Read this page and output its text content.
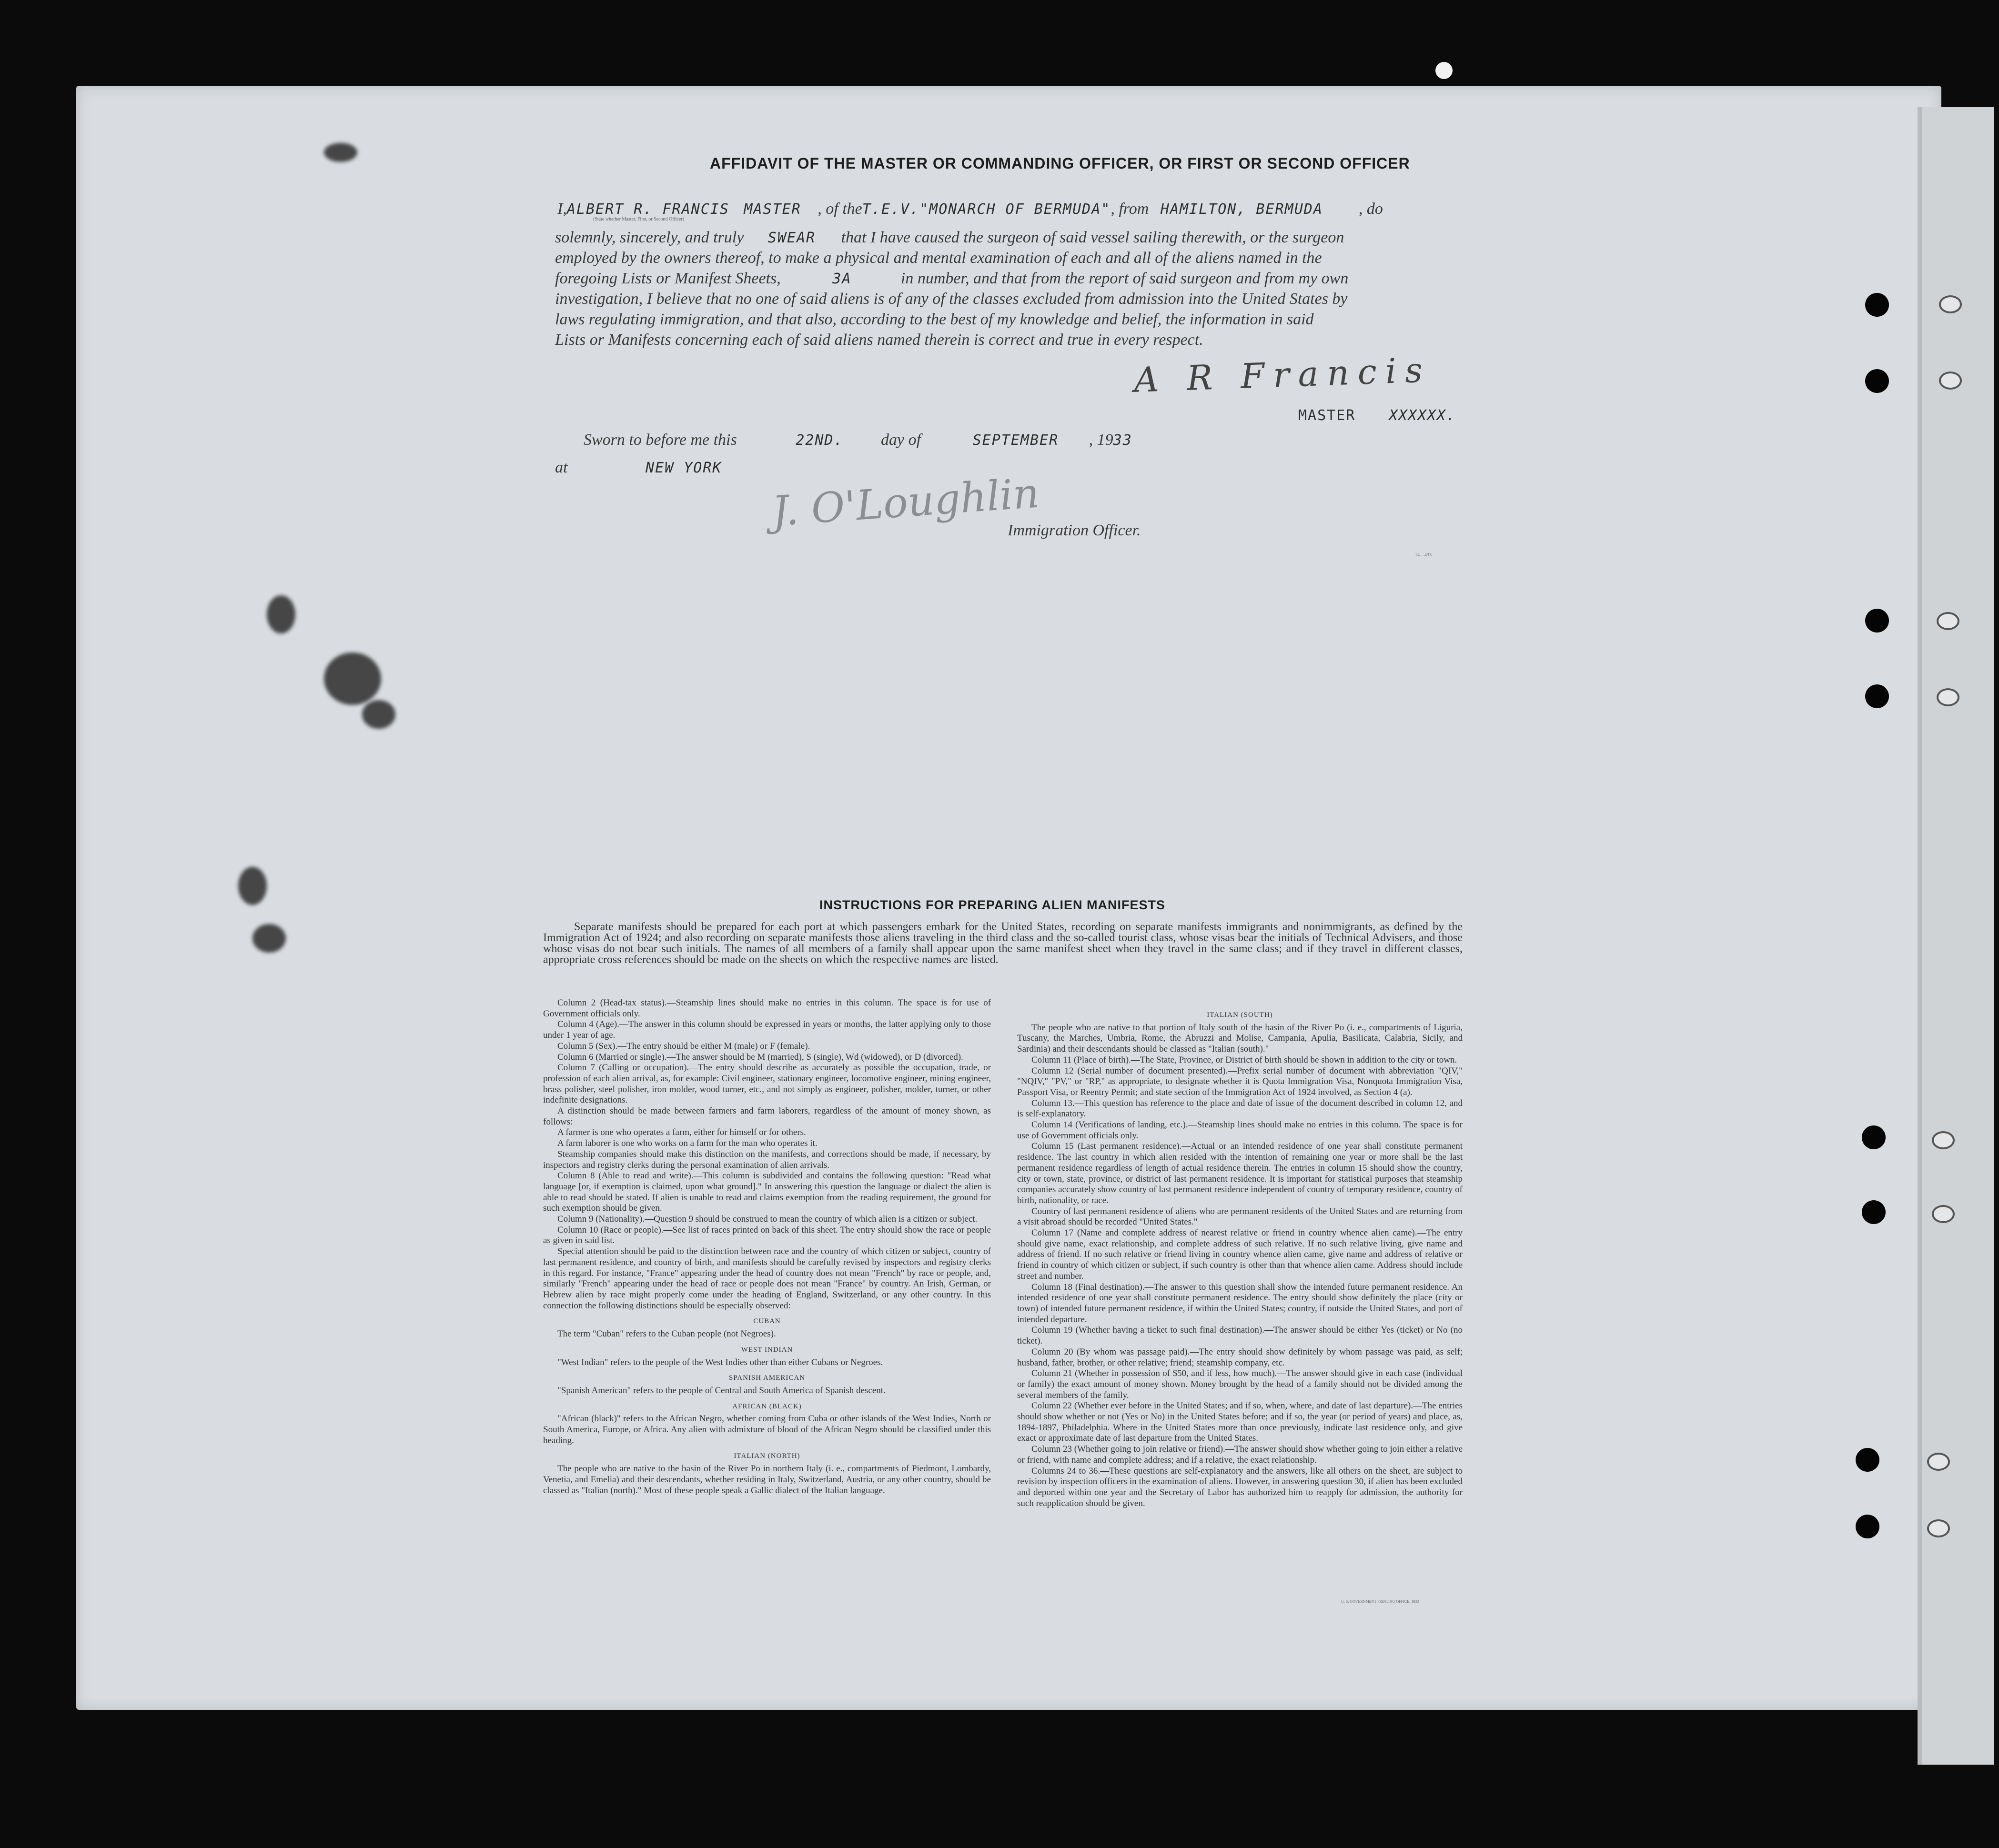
AFFIDAVIT OF THE MASTER OR COMMANDING OFFICER, OR FIRST OR SECOND OFFICER
I,ALBERT R. FRANCIS MASTER , of theT.E.V."MONARCH OF BERMUDA", from HAMILTON, BERMUDA , do
(State whether Master, First, or Second Officer)
solemnly, sincerely, and truly SWEAR that I have caused the surgeon of said vessel sailing therewith, or the surgeon
employed by the owners thereof, to make a physical and mental examination of each and all of the aliens named in the
foregoing Lists or Manifest Sheets,	3A	in number, and that from the report of said surgeon and from my own
investigation, I believe that no one of said aliens is of any of the classes excluded from admission into the United States by
laws regulating immigration, and that also, according to the best of my knowledge and belief, the information in said
Lists or Manifests concerning each of said aliens named therein is correct and true in every respect.
A R Francis
MASTER XXXXXX.
Sworn to before me this	22ND. day of	SEPTEMBER , 1933
at	NEW YORK
J. O'Loughlin
Immigration Officer.
14—433
INSTRUCTIONS FOR PREPARING ALIEN MANIFESTS
Separate manifests should be prepared for each port at which passengers embark for the United States, recording on separate manifests immigrants and nonimmigrants, as defined by the Immigration Act of 1924; and also recording on separate manifests those aliens traveling in the third class and the so-called tourist class, whose visas bear the initials of Technical Advisers, and those whose visas do not bear such initials. The names of all members of a family shall appear upon the same manifest sheet when they travel in the same class; and if they travel in different classes, appropriate cross references should be made on the sheets on which the respective names are listed.

Column 2 (Head-tax status).—Steamship lines should make no entries in this column. The space is for use of Government officials only.

Column 4 (Age).—The answer in this column should be expressed in years or months, the latter applying only to those under 1 year of age.

Column 5 (Sex).—The entry should be either M (male) or F (female).

Column 6 (Married or single).—The answer should be M (married), S (single), Wd (widowed), or D (divorced).

Column 7 (Calling or occupation).—The entry should describe as accurately as possible the occupation, trade, or profession of each alien arrival, as, for example: Civil engineer, stationary engineer, locomotive engineer, mining engineer, brass polisher, steel polisher, iron molder, wood turner, etc., and not simply as engineer, polisher, molder, turner, or other indefinite designations.

A distinction should be made between farmers and farm laborers, regardless of the amount of money shown, as follows:

A farmer is one who operates a farm, either for himself or for others.

A farm laborer is one who works on a farm for the man who operates it.

Steamship companies should make this distinction on the manifests, and corrections should be made, if necessary, by inspectors and registry clerks during the personal examination of alien arrivals.

Column 8 (Able to read and write).—This column is subdivided and contains the following question: "Read what language [or, if exemption is claimed, upon what ground]." In answering this question the language or dialect the alien is able to read should be stated. If alien is unable to read and claims exemption from the reading requirement, the ground for such exemption should be given.

Column 9 (Nationality).—Question 9 should be construed to mean the country of which alien is a citizen or subject.

Column 10 (Race or people).—See list of races printed on back of this sheet. The entry should show the race or people as given in said list.

Special attention should be paid to the distinction between race and the country of which citizen or subject, country of last permanent residence, and country of birth, and manifests should be carefully revised by inspectors and registry clerks in this regard. For instance, "France" appearing under the head of country does not mean "French" by race or people, and, similarly "French" appearing under the head of race or people does not mean "France" by country. An Irish, German, or Hebrew alien by race might properly come under the heading of England, Switzerland, or any other country. In this connection the following distinctions should be especially observed:

CUBAN

The term "Cuban" refers to the Cuban people (not Negroes).

WEST INDIAN

"West Indian" refers to the people of the West Indies other than either Cubans or Negroes.

SPANISH AMERICAN

"Spanish American" refers to the people of Central and South America of Spanish descent.

AFRICAN (BLACK)

"African (black)" refers to the African Negro, whether coming from Cuba or other islands of the West Indies, North or South America, Europe, or Africa. Any alien with admixture of blood of the African Negro should be classified under this heading.

ITALIAN (NORTH)

The people who are native to the basin of the River Po in northern Italy (i. e., compartments of Piedmont, Lombardy, Venetia, and Emelia) and their descendants, whether residing in Italy, Switzerland, Austria, or any other country, should be classed as "Italian (north)." Most of these people speak a Gallic dialect of the Italian language.

ITALIAN (SOUTH)

The people who are native to that portion of Italy south of the basin of the River Po (i. e., compartments of Liguria, Tuscany, the Marches, Umbria, Rome, the Abruzzi and Molise, Campania, Apulia, Basilicata, Calabria, Sicily, and Sardinia) and their descendants should be classed as "Italian (south)."

Column 11 (Place of birth).—The State, Province, or District of birth should be shown in addition to the city or town.

Column 12 (Serial number of document presented).—Prefix serial number of document with abbreviation "QIV," "NQIV," "PV," or "RP," as appropriate, to designate whether it is Quota Immigration Visa, Nonquota Immigration Visa, Passport Visa, or Reentry Permit; and state section of the Immigration Act of 1924 involved, as Section 4 (a).

Column 13.—This question has reference to the place and date of issue of the document described in column 12, and is self-explanatory.

Column 14 (Verifications of landing, etc.).—Steamship lines should make no entries in this column. The space is for use of Government officials only.

Column 15 (Last permanent residence).—Actual or an intended residence of one year shall constitute permanent residence. The last country in which alien resided with the intention of remaining one year or more shall be the last permanent residence regardless of length of actual residence therein. The entries in column 15 should show the country, city or town, state, province, or district of last permanent residence. It is important for statistical purposes that steamship companies accurately show country of last permanent residence independent of country of temporary residence, country of birth, nationality, or race.

Country of last permanent residence of aliens who are permanent residents of the United States and are returning from a visit abroad should be recorded "United States."

Column 17 (Name and complete address of nearest relative or friend in country whence alien came).—The entry should give name, exact relationship, and complete address of such relative. If no such relative living, give name and address of friend. If no such relative or friend living in country whence alien came, give name and address of relative or friend in country of which citizen or subject, if such country is other than that whence alien came. Address should include street and number.

Column 18 (Final destination).—The answer to this question shall show the intended future permanent residence. An intended residence of one year shall constitute permanent residence. The entry should show definitely the place (city or town) of intended future permanent residence, if within the United States; country, if outside the United States, and port of intended departure.

Column 19 (Whether having a ticket to such final destination).—The answer should be either Yes (ticket) or No (no ticket).

Column 20 (By whom was passage paid).—The entry should show definitely by whom passage was paid, as self; husband, father, brother, or other relative; friend; steamship company, etc.

Column 21 (Whether in possession of $50, and if less, how much).—The answer should give in each case (individual or family) the exact amount of money shown. Money brought by the head of a family should not be divided among the several members of the family.

Column 22 (Whether ever before in the United States; and if so, when, where, and date of last departure).—The entries should show whether or not (Yes or No) in the United States before; and if so, the year (or period of years) and place, as, 1894-1897, Philadelphia. Where in the United States more than once previously, indicate last residence only, and give exact or approximate date of last departure from the United States.

Column 23 (Whether going to join relative or friend).—The answer should show whether going to join either a relative or friend, with name and complete address; and if a relative, the exact relationship.

Columns 24 to 36.—These questions are self-explanatory and the answers, like all others on the sheet, are subject to revision by inspection officers in the examination of aliens. However, in answering question 30, if alien has been excluded and deported within one year and the Secretary of Labor has authorized him to reapply for admission, the authority for such reapplication should be given.

U. S. GOVERNMENT PRINTING OFFICE: 1933
